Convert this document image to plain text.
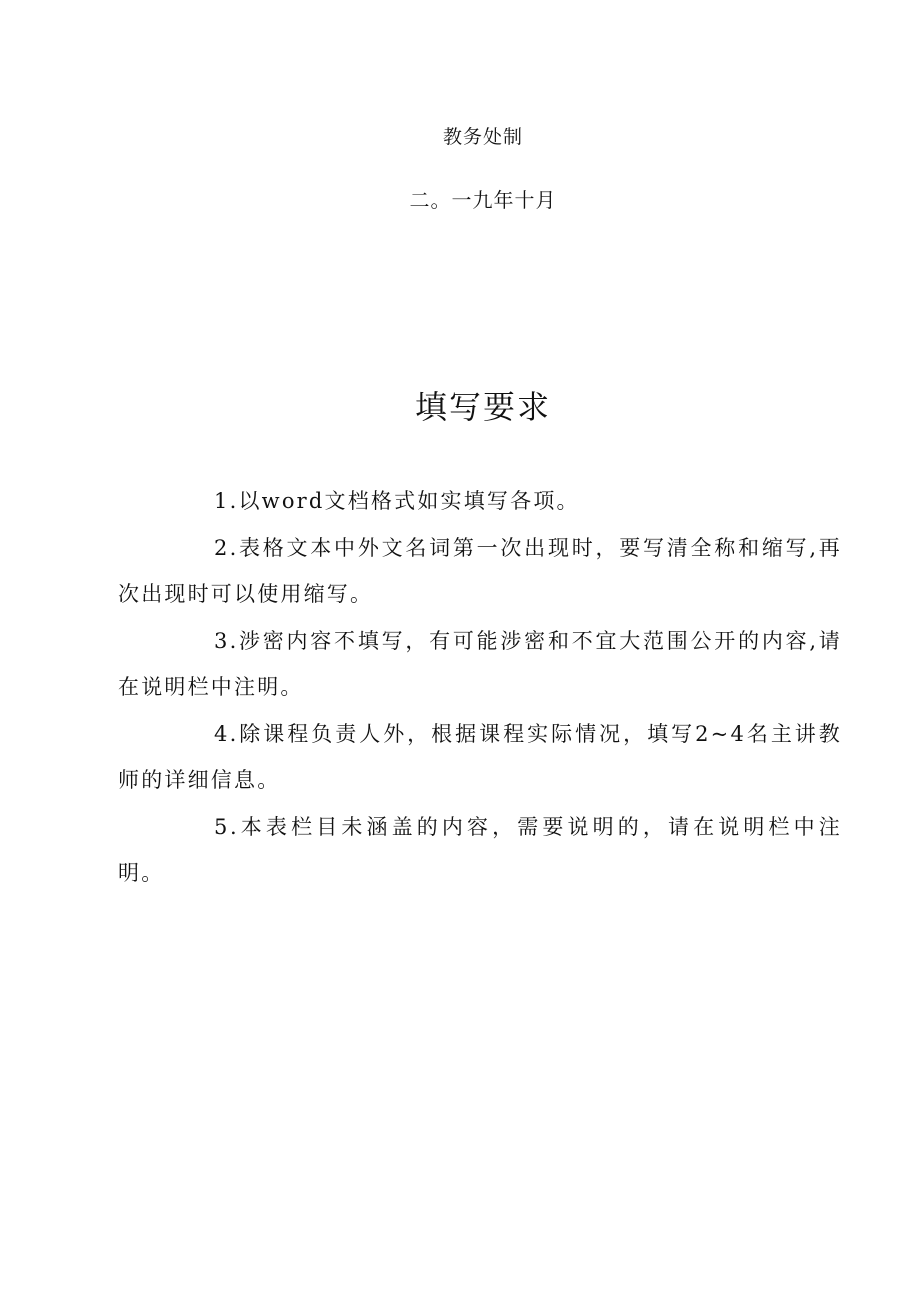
教务处制
二。一九年十月
填写要求

1.以word文档格式如实填写各项。

2.表格文本中外文名词第一次出现时，要写清全称和缩写,再次出现时可以使用缩写。

3.涉密内容不填写，有可能涉密和不宜大范围公开的内容,请在说明栏中注明。

4.除课程负责人外，根据课程实际情况，填写2~4名主讲教师的详细信息。

5.本表栏目未涵盖的内容，需要说明的，请在说明栏中注明。
